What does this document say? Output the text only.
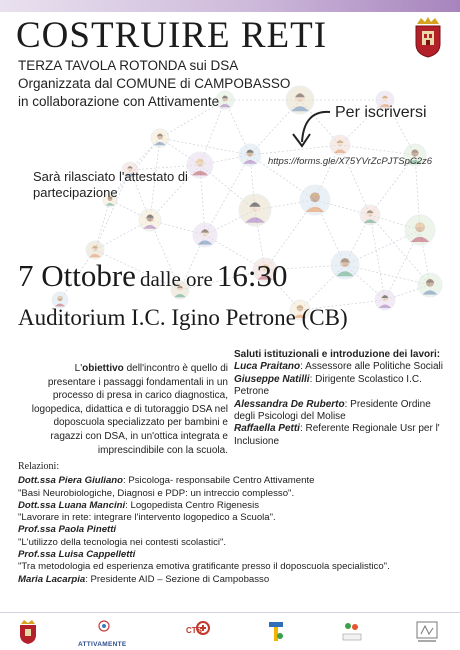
COSTRUIRE RETI
TERZA TAVOLA ROTONDA sui DSA
Organizzata dal COMUNE di CAMPOBASSO
in collaborazione con Attivamente
Per iscriversi
https://forms.gle/X75YVrZcPJTSpC2z6
Sarà rilasciato l'attestato di partecipazione
7 Ottobre dalle ore 16:30
Auditorium I.C. Igino Petrone (CB)
L'obiettivo dell'incontro è quello di presentare i passaggi fondamentali in un processo di presa in carico diagnostica, logopedica, didattica e di tutoraggio DSA nel doposcuola specializzato per bambini e ragazzi con DSA, in un'ottica integrata e imprescindibile con la scuola.
Saluti istituzionali e introduzione dei lavori:
Luca Praitano: Assessore alle Politiche Sociali
Giuseppe Natilli: Dirigente Scolastico I.C. Petrone
Alessandra De Ruberto: Presidente Ordine degli Psicologi del Molise
Raffaella Petti: Referente Regionale Usr per l' Inclusione
Relazioni:
Dott.ssa Piera Giuliano: Psicologa- responsabile Centro Attivamente
"Basi Neurobiologiche, Diagnosi e PDP: un intreccio complesso".
Dott.ssa Luana Mancini: Logopedista Centro Rigenesis
"Lavorare in rete: integrare l'intervento logopedico a Scuola".
Prof.ssa Paola Pinetti
"L'utilizzo della tecnologia nei contesti scolastici".
Prof.ssa Luisa Cappelletti
"Tra metodologia ed esperienza emotiva gratificante presso il doposcuola specialistico".
Maria Lacarpia: Presidente AID – Sezione di Campobasso
ATTIVAMENTE
CTS
